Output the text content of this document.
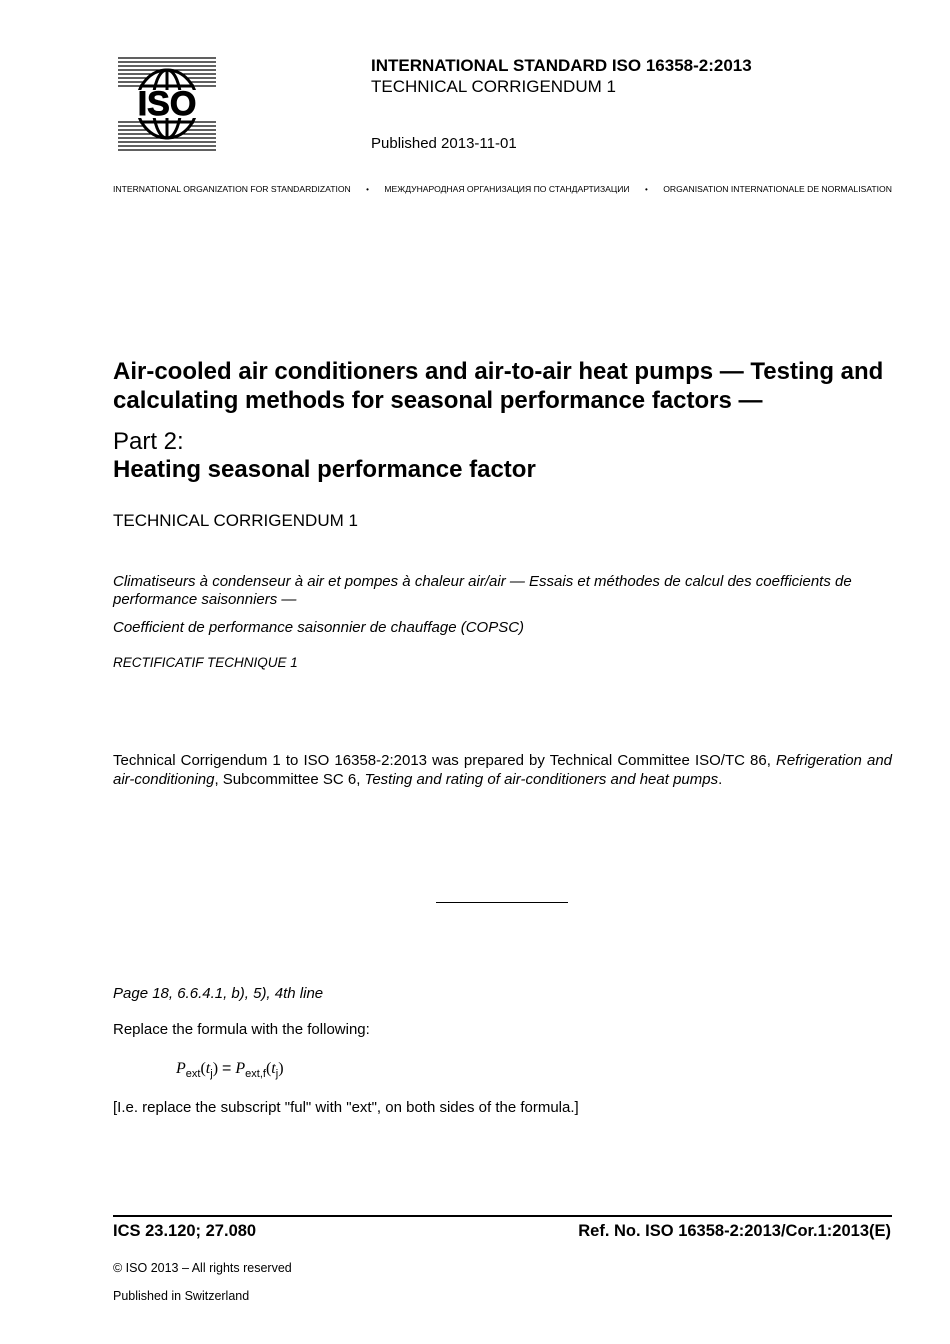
ISO
INTERNATIONAL STANDARD ISO 16358-2:2013
TECHNICAL CORRIGENDUM 1
Published 2013-11-01
INTERNATIONAL ORGANIZATION FOR STANDARDIZATION • МЕЖДУНАРОДНАЯ ОРГАНИЗАЦИЯ ПО СТАНДАРТИЗАЦИИ • ORGANISATION INTERNATIONALE DE NORMALISATION
Air-cooled air conditioners and air-to-air heat pumps — Testing and calculating methods for seasonal performance factors —
Part 2:
Heating seasonal performance factor
TECHNICAL CORRIGENDUM 1
Climatiseurs à condenseur à air et pompes à chaleur air/air — Essais et méthodes de calcul des coefficients de performance saisonniers —
Coefficient de performance saisonnier de chauffage (COPSC)
RECTIFICATIF TECHNIQUE 1
Technical Corrigendum 1 to ISO 16358-2:2013 was prepared by Technical Committee ISO/TC 86, Refrigeration and air-conditioning, Subcommittee SC 6, Testing and rating of air-conditioners and heat pumps.
Page 18, 6.6.4.1, b), 5), 4th line
Replace the formula with the following:
$P_{ext}(t_j) = P_{ext,f}(t_j)$
[I.e. replace the subscript "ful" with "ext", on both sides of the formula.]
ICS 23.120; 27.080	Ref. No. ISO 16358-2:2013/Cor.1:2013(E)
© ISO 2013 – All rights reserved
Published in Switzerland
